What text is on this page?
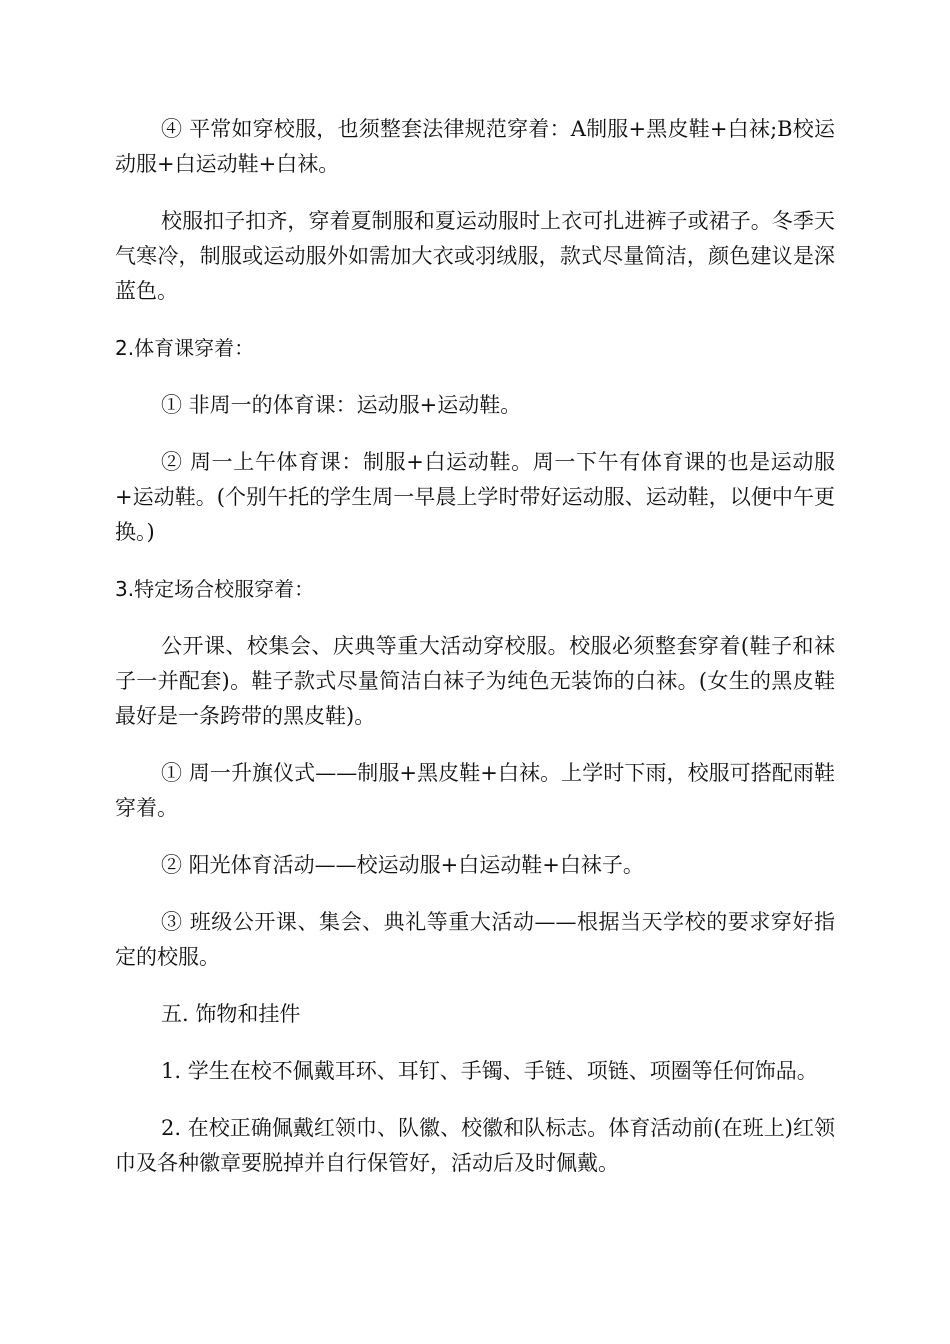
④ 平常如穿校服，也须整套法律规范穿着：A制服+黑皮鞋+白袜;B校运动服+白运动鞋+白袜。

校服扣子扣齐，穿着夏制服和夏运动服时上衣可扎进裤子或裙子。冬季天气寒冷，制服或运动服外如需加大衣或羽绒服，款式尽量简洁，颜色建议是深蓝色。

2.体育课穿着：

① 非周一的体育课：运动服+运动鞋。

② 周一上午体育课：制服+白运动鞋。周一下午有体育课的也是运动服+运动鞋。(个别午托的学生周一早晨上学时带好运动服、运动鞋，以便中午更换。)

3.特定场合校服穿着：

公开课、校集会、庆典等重大活动穿校服。校服必须整套穿着(鞋子和袜子一并配套)。鞋子款式尽量简洁白袜子为纯色无装饰的白袜。(女生的黑皮鞋最好是一条跨带的黑皮鞋)。

① 周一升旗仪式——制服+黑皮鞋+白袜。上学时下雨，校服可搭配雨鞋穿着。

② 阳光体育活动——校运动服+白运动鞋+白袜子。

③ 班级公开课、集会、典礼等重大活动——根据当天学校的要求穿好指定的校服。

五. 饰物和挂件

1. 学生在校不佩戴耳环、耳钉、手镯、手链、项链、项圈等任何饰品。

2. 在校正确佩戴红领巾、队徽、校徽和队标志。体育活动前(在班上)红领巾及各种徽章要脱掉并自行保管好，活动后及时佩戴。
